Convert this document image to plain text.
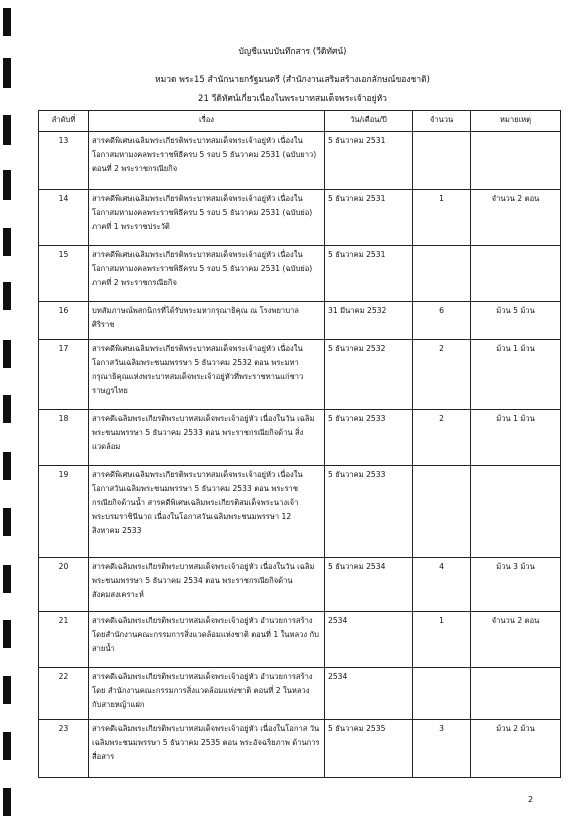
บัญชีแนบบันทึกสาร (วีดิทัศน์)
หมวด พระ15 สำนักนายกรัฐมนตรี (สำนักงานเสริมสร้างเอกลักษณ์ของชาติ)
21 วีดิทัศน์เกี่ยวเนื่องในพระบาทสมเด็จพระเจ้าอยู่หัว
ลำดับที่	เรื่อง	วัน/เดือน/ปี	จำนวน	หมายเหตุ
13	สารคดีพิเศษเฉลิมพระเกียรติพระบาทสมเด็จพระเจ้าอยู่หัว เนื่องใน โอกาสมหามงคลพระราชพิธีครบ 5 รอบ 5 ธันวาคม 2531 (ฉบับยาว) ตอนที่ 2 พระราชกรณียกิจ	5 ธันวาคม 2531		
14	สารคดีพิเศษเฉลิมพระเกียรติพระบาทสมเด็จพระเจ้าอยู่หัว เนื่องใน โอกาสมหามงคลพระราชพิธีครบ 5 รอบ 5 ธันวาคม 2531 (ฉบับย่อ) ภาคที่ 1 พระราชประวัติ	5 ธันวาคม 2531	1	จำนวน 2 ตอน
15	สารคดีพิเศษเฉลิมพระเกียรติพระบาทสมเด็จพระเจ้าอยู่หัว เนื่องใน โอกาสมหามงคลพระราชพิธีครบ 5 รอบ 5 ธันวาคม 2531 (ฉบับย่อ) ภาคที่ 2 พระราชกรณียกิจ	5 ธันวาคม 2531		
16	บทสัมภาษณ์พสกนิกรที่ได้รับพระมหากรุณาธิคุณ ณ โรงพยาบาลศิริราช	31 มีนาคม 2532	6	ม้วน 5 ม้วน
17	สารคดีพิเศษเฉลิมพระเกียรติพระบาทสมเด็จพระเจ้าอยู่หัว เนื่องใน โอกาสวันเฉลิมพระชนมพรรษา 5 ธันวาคม 2532 ตอน พระมหา กรุณาธิคุณแห่งพระบาทสมเด็จพระเจ้าอยู่หัวที่พระราชทานแก่ชาว ราษฎรไทย	5 ธันวาคม 2532	2	ม้วน 1 ม้วน
18	สารคดีเฉลิมพระเกียรติพระบาทสมเด็จพระเจ้าอยู่หัว เนื่องในวัน เฉลิมพระชนมพรรษา 5 ธันวาคม 2533 ตอน พระราชกรณียกิจด้าน สิ่งแวดล้อม	5 ธันวาคม 2533	2	ม้วน 1 ม้วน
19	สารคดีพิเศษเฉลิมพระเกียรติพระบาทสมเด็จพระเจ้าอยู่หัว เนื่องใน โอกาสวันเฉลิมพระชนมพรรษา 5 ธันวาคม 2533 ตอน พระราช กรณียกิจด้านน้ำ สารคดีพิเศษเฉลิมพระเกียรติสมเด็จพระนางเจ้า พระบรมราชินีนาถ เนื่องในโอกาสวันเฉลิมพระชนมพรรษา 12 สิงหาคม 2533	5 ธันวาคม 2533		
20	สารคดีเฉลิมพระเกียรติพระบาทสมเด็จพระเจ้าอยู่หัว เนื่องในวัน เฉลิมพระชนมพรรษา 5 ธันวาคม 2534 ตอน พระราชกรณียกิจด้าน สังคมสงเคราะห์	5 ธันวาคม 2534	4	ม้วน 3 ม้วน
21	สารคดีเฉลิมพระเกียรติพระบาทสมเด็จพระเจ้าอยู่หัว อำนวยการสร้าง โดยสำนักงานคณะกรรมการสิ่งแวดล้อมแห่งชาติ ตอนที่ 1 ในหลวง กับสายน้ำ	2534	1	จำนวน 2 ตอน
22	สารคดีเฉลิมพระเกียรติพระบาทสมเด็จพระเจ้าอยู่หัว อำนวยการสร้าง โดย สำนักงานคณะกรรมการสิ่งแวดล้อมแห่งชาติ ตอนที่ 2 ในหลวง กับสายหญ้าแฝก	2534		
23	สารคดีเฉลิมพระเกียรติพระบาทสมเด็จพระเจ้าอยู่หัว เนื่องในโอกาส วันเฉลิมพระชนมพรรษา 5 ธันวาคม 2535 ตอน พระอัจฉริยภาพ ด้านการสื่อสาร	5 ธันวาคม 2535	3	ม้วน 2 ม้วน
2
